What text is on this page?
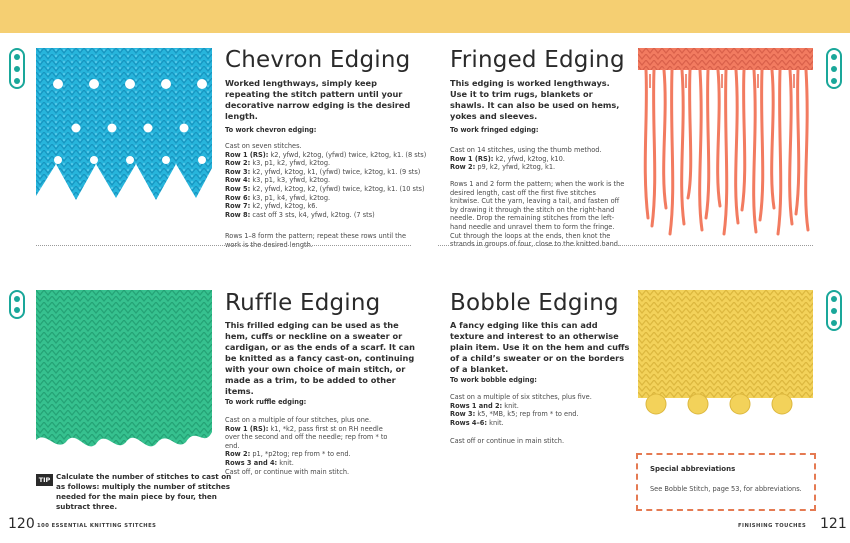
Chevron Edging

Worked lengthways, simply keep repeating the stitch pattern until your decorative narrow edging is the desired length.

To work chevron edging:

Cast on seven stitches.
Row 1 (RS): k2, yfwd, k2tog, (yfwd) twice, k2tog, k1. (8 sts)
Row 2: k3, p1, k2, yfwd, k2tog.
Row 3: k2, yfwd, k2tog, k1, (yfwd) twice, k2tog, k1. (9 sts)
Row 4: k3, p1, k3, yfwd, k2tog.
Row 5: k2, yfwd, k2tog, k2, (yfwd) twice, k2tog, k1. (10 sts)
Row 6: k3, p1, k4, yfwd, k2tog.
Row 7: k2, yfwd, k2tog, k6.
Row 8: cast off 3 sts, k4, yfwd, k2tog. (7 sts)
Rows 1–8 form the pattern; repeat these rows until the work is the desired length.
Fringed Edging

This edging is worked lengthways. Use it to trim rugs, blankets or shawls. It can also be used on hems, yokes and sleeves.

To work fringed edging:

Cast on 14 stitches, using the thumb method.
Row 1 (RS): k2, yfwd, k2tog, k10.
Row 2: p9, k2, yfwd, k2tog, k1.
Rows 1 and 2 form the pattern; when the work is the desired length, cast off the first five stitches knitwise. Cut the yarn, leaving a tail, and fasten off by drawing it through the stitch on the right-hand needle. Drop the remaining stitches from the left-hand needle and unravel them to form the fringe. Cut through the loops at the ends, then knot the strands in groups of four, close to the knitted band.
Ruffle Edging

This frilled edging can be used as the hem, cuffs or neckline on a sweater or cardigan, or as the ends of a scarf. It can be knitted as a fancy cast-on, continuing with your own choice of main stitch, or made as a trim, to be added to other items.

To work ruffle edging:

Cast on a multiple of four stitches, plus one.
Row 1 (RS): k1, *k2, pass first st on RH needle over the second and off the needle; rep from * to end.
Row 2: p1, *p2tog; rep from * to end.
Rows 3 and 4: knit.
Cast off, or continue with main stitch.
TIP Calculate the number of stitches to cast on as follows: multiply the number of stitches needed for the main piece by four, then subtract three.

Bobble Edging

A fancy edging like this can add texture and interest to an otherwise plain item. Use it on the hem and cuffs of a child’s sweater or on the borders of a blanket.

To work bobble edging:

Cast on a multiple of six stitches, plus five.
Rows 1 and 2: knit.
Row 3: k5, *MB, k5; rep from * to end.
Rows 4–6: knit.
Cast off or continue in main stitch.
Special abbreviations
See Bobble Stitch, page 53, for abbreviations.
120 100 ESSENTIAL KNITTING STITCHES	FINISHING TOUCHES 121
